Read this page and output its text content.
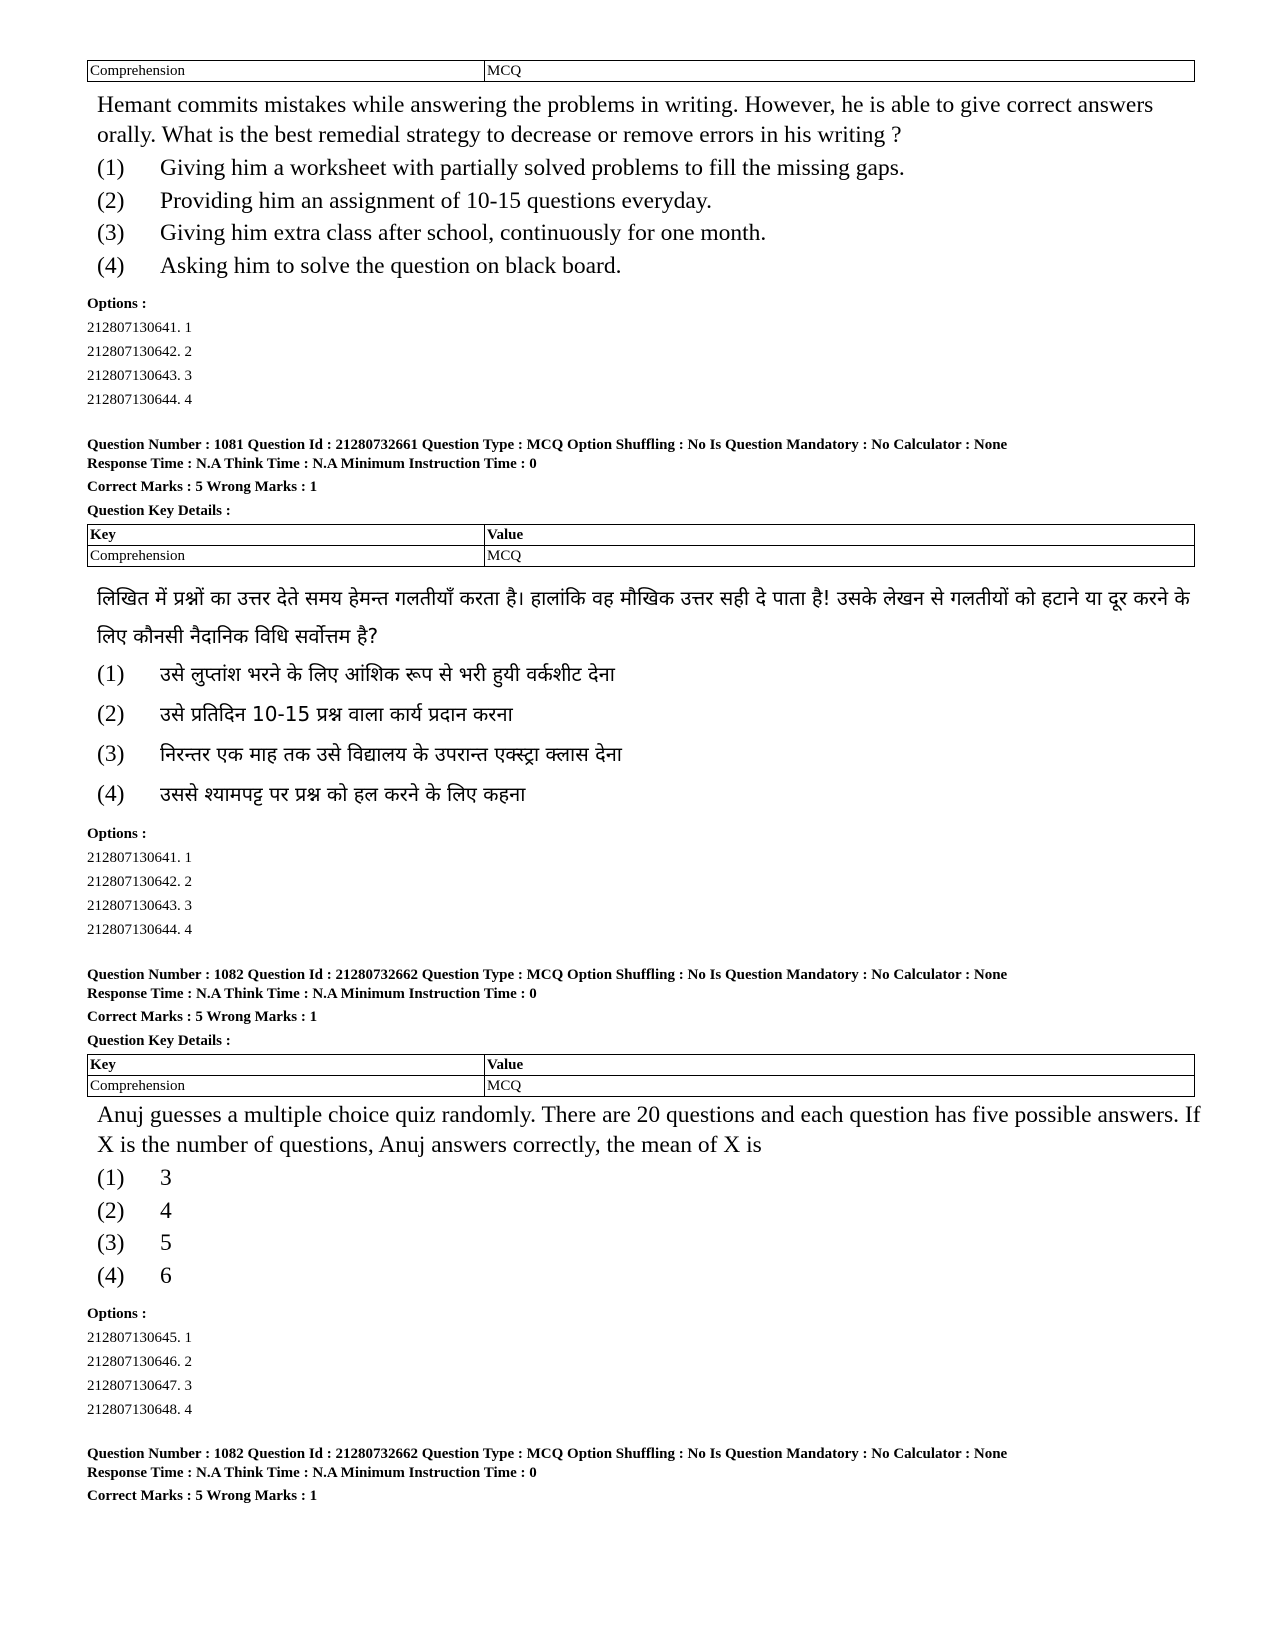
Comprehension	MCQ
Hemant commits mistakes while answering the problems in writing. However, he is able to give correct answers orally. What is the best remedial strategy to decrease or remove errors in his writing ?
(1) Giving him a worksheet with partially solved problems to fill the missing gaps.
(2) Providing him an assignment of 10-15 questions everyday.
(3) Giving him extra class after school, continuously for one month.
(4) Asking him to solve the question on black board.
Options :
212807130641. 1
212807130642. 2
212807130643. 3
212807130644. 4
Question Number : 1081 Question Id : 21280732661 Question Type : MCQ Option Shuffling : No Is Question Mandatory : No Calculator : None
Response Time : N.A Think Time : N.A Minimum Instruction Time : 0
Correct Marks : 5 Wrong Marks : 1
Question Key Details :
Key	Value
Comprehension	MCQ
लिखित में प्रश्नों का उत्तर देते समय हेमन्त गलतीयाँ करता है। हालांकि वह मौखिक उत्तर सही दे पाता है! उसके लेखन से गलतीयों को हटाने या दूर करने के लिए कौनसी नैदानिक विधि सर्वोत्तम है?
(1) उसे लुप्तांश भरने के लिए आंशिक रूप से भरी हुयी वर्कशीट देना
(2) उसे प्रतिदिन 10-15 प्रश्न वाला कार्य प्रदान करना
(3) निरन्तर एक माह तक उसे विद्यालय के उपरान्त एक्स्ट्रा क्लास देना
(4) उससे श्यामपट्ट पर प्रश्न को हल करने के लिए कहना
Options :
212807130641. 1
212807130642. 2
212807130643. 3
212807130644. 4
Question Number : 1082 Question Id : 21280732662 Question Type : MCQ Option Shuffling : No Is Question Mandatory : No Calculator : None
Response Time : N.A Think Time : N.A Minimum Instruction Time : 0
Correct Marks : 5 Wrong Marks : 1
Question Key Details :
Key	Value
Comprehension	MCQ
Anuj guesses a multiple choice quiz randomly. There are 20 questions and each question has five possible answers. If X is the number of questions, Anuj answers correctly, the mean of X is
(1) 3
(2) 4
(3) 5
(4) 6
Options :
212807130645. 1
212807130646. 2
212807130647. 3
212807130648. 4
Question Number : 1082 Question Id : 21280732662 Question Type : MCQ Option Shuffling : No Is Question Mandatory : No Calculator : None
Response Time : N.A Think Time : N.A Minimum Instruction Time : 0
Correct Marks : 5 Wrong Marks : 1
